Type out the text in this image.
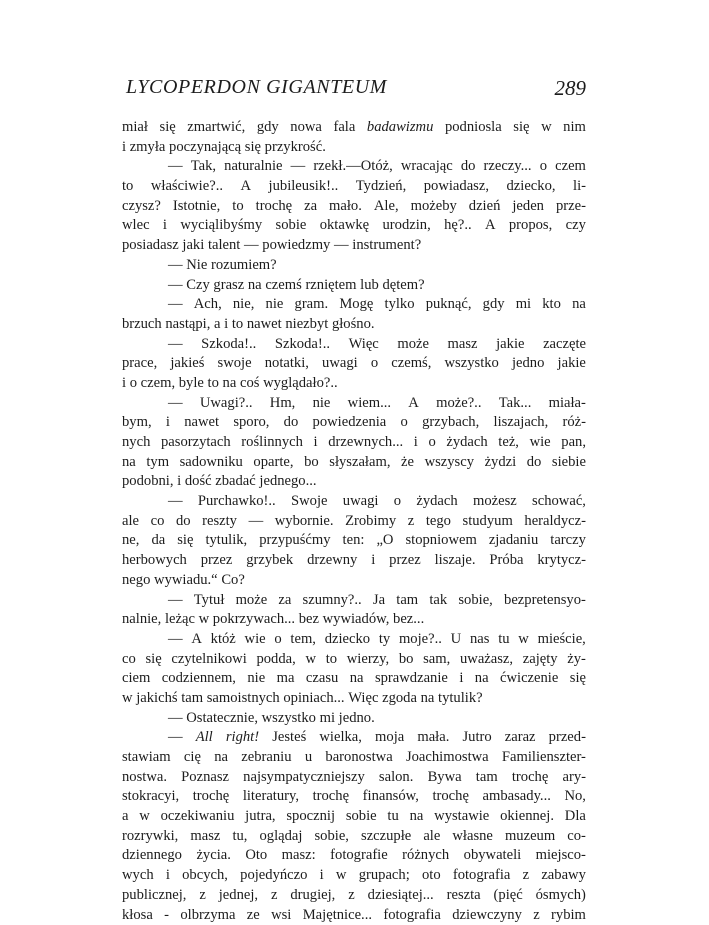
LYCOPERDON GIGANTEUM	289
miał się zmartwić, gdy nowa fala badawizmu podniosla się w nim
i zmyła poczynającą się przykrość.
— Tak, naturalnie — rzekł.—Otóż, wracając do rzeczy... o czem
to właściwie?.. A jubileusik!.. Tydzień, powiadasz, dziecko, li-
czysz? Istotnie, to trochę za mało. Ale, możeby dzień jeden prze-
wlec i wyciąlibyśmy sobie oktawkę urodzin, hę?.. A propos, czy
posiadasz jaki talent — powiedzmy — instrument?
— Nie rozumiem?
— Czy grasz na czemś rzniętem lub dętem?
— Ach, nie, nie gram. Mogę tylko puknąć, gdy mi kto na
brzuch nastąpi, a i to nawet niezbyt głośno.
— Szkoda!.. Szkoda!.. Więc może masz jakie zaczęte
prace, jakieś swoje notatki, uwagi o czemś, wszystko jedno jakie
i o czem, byle to na coś wyglądało?..
— Uwagi?.. Hm, nie wiem... A może?.. Tak... miała-
bym, i nawet sporo, do powiedzenia o grzybach, liszajach, róż-
nych pasorzytach roślinnych i drzewnych... i o żydach też, wie pan,
na tym sadowniku oparte, bo słyszałam, że wszyscy żydzi do siebie
podobni, i dość zbadać jednego...
— Purchawko!.. Swoje uwagi o żydach możesz schować,
ale co do reszty — wybornie. Zrobimy z tego studyum heraldycz-
ne, da się tytulik, przypuśćmy ten: „O stopniowem zjadaniu tarczy
herbowych przez grzybek drzewny i przez liszaje. Próba krytycz-
nego wywiadu.“ Co?
— Tytuł może za szumny?.. Ja tam tak sobie, bezpretensyo-
nalnie, leżąc w pokrzywach... bez wywiadów, bez...
— A któż wie o tem, dziecko ty moje?.. U nas tu w mieście,
co się czytelnikowi podda, w to wierzy, bo sam, uważasz, zajęty ży-
ciem codziennem, nie ma czasu na sprawdzanie i na ćwiczenie się
w jakichś tam samoistnych opiniach... Więc zgoda na tytulik?
— Ostatecznie, wszystko mi jedno.
— All right! Jesteś wielka, moja mała. Jutro zaraz przed-
stawiam cię na zebraniu u baronostwa Joachimostwa Familienszter-
nostwa. Poznasz najsympatyczniejszy salon. Bywa tam trochę ary-
stokracyi, trochę literatury, trochę finansów, trochę ambasady... No,
a w oczekiwaniu jutra, spocznij sobie tu na wystawie okiennej. Dla
rozrywki, masz tu, oglądaj sobie, szczupłe ale własne muzeum co-
dziennego życia. Oto masz: fotografie różnych obywateli miejsco-
wych i obcych, pojedyńczo i w grupach; oto fotografia z zabawy
publicznej, z jednej, z drugiej, z dziesiątej... reszta (pięć ósmych)
kłosa - olbrzyma ze wsi Majętnice... fotografia dziewczyny z rybim
